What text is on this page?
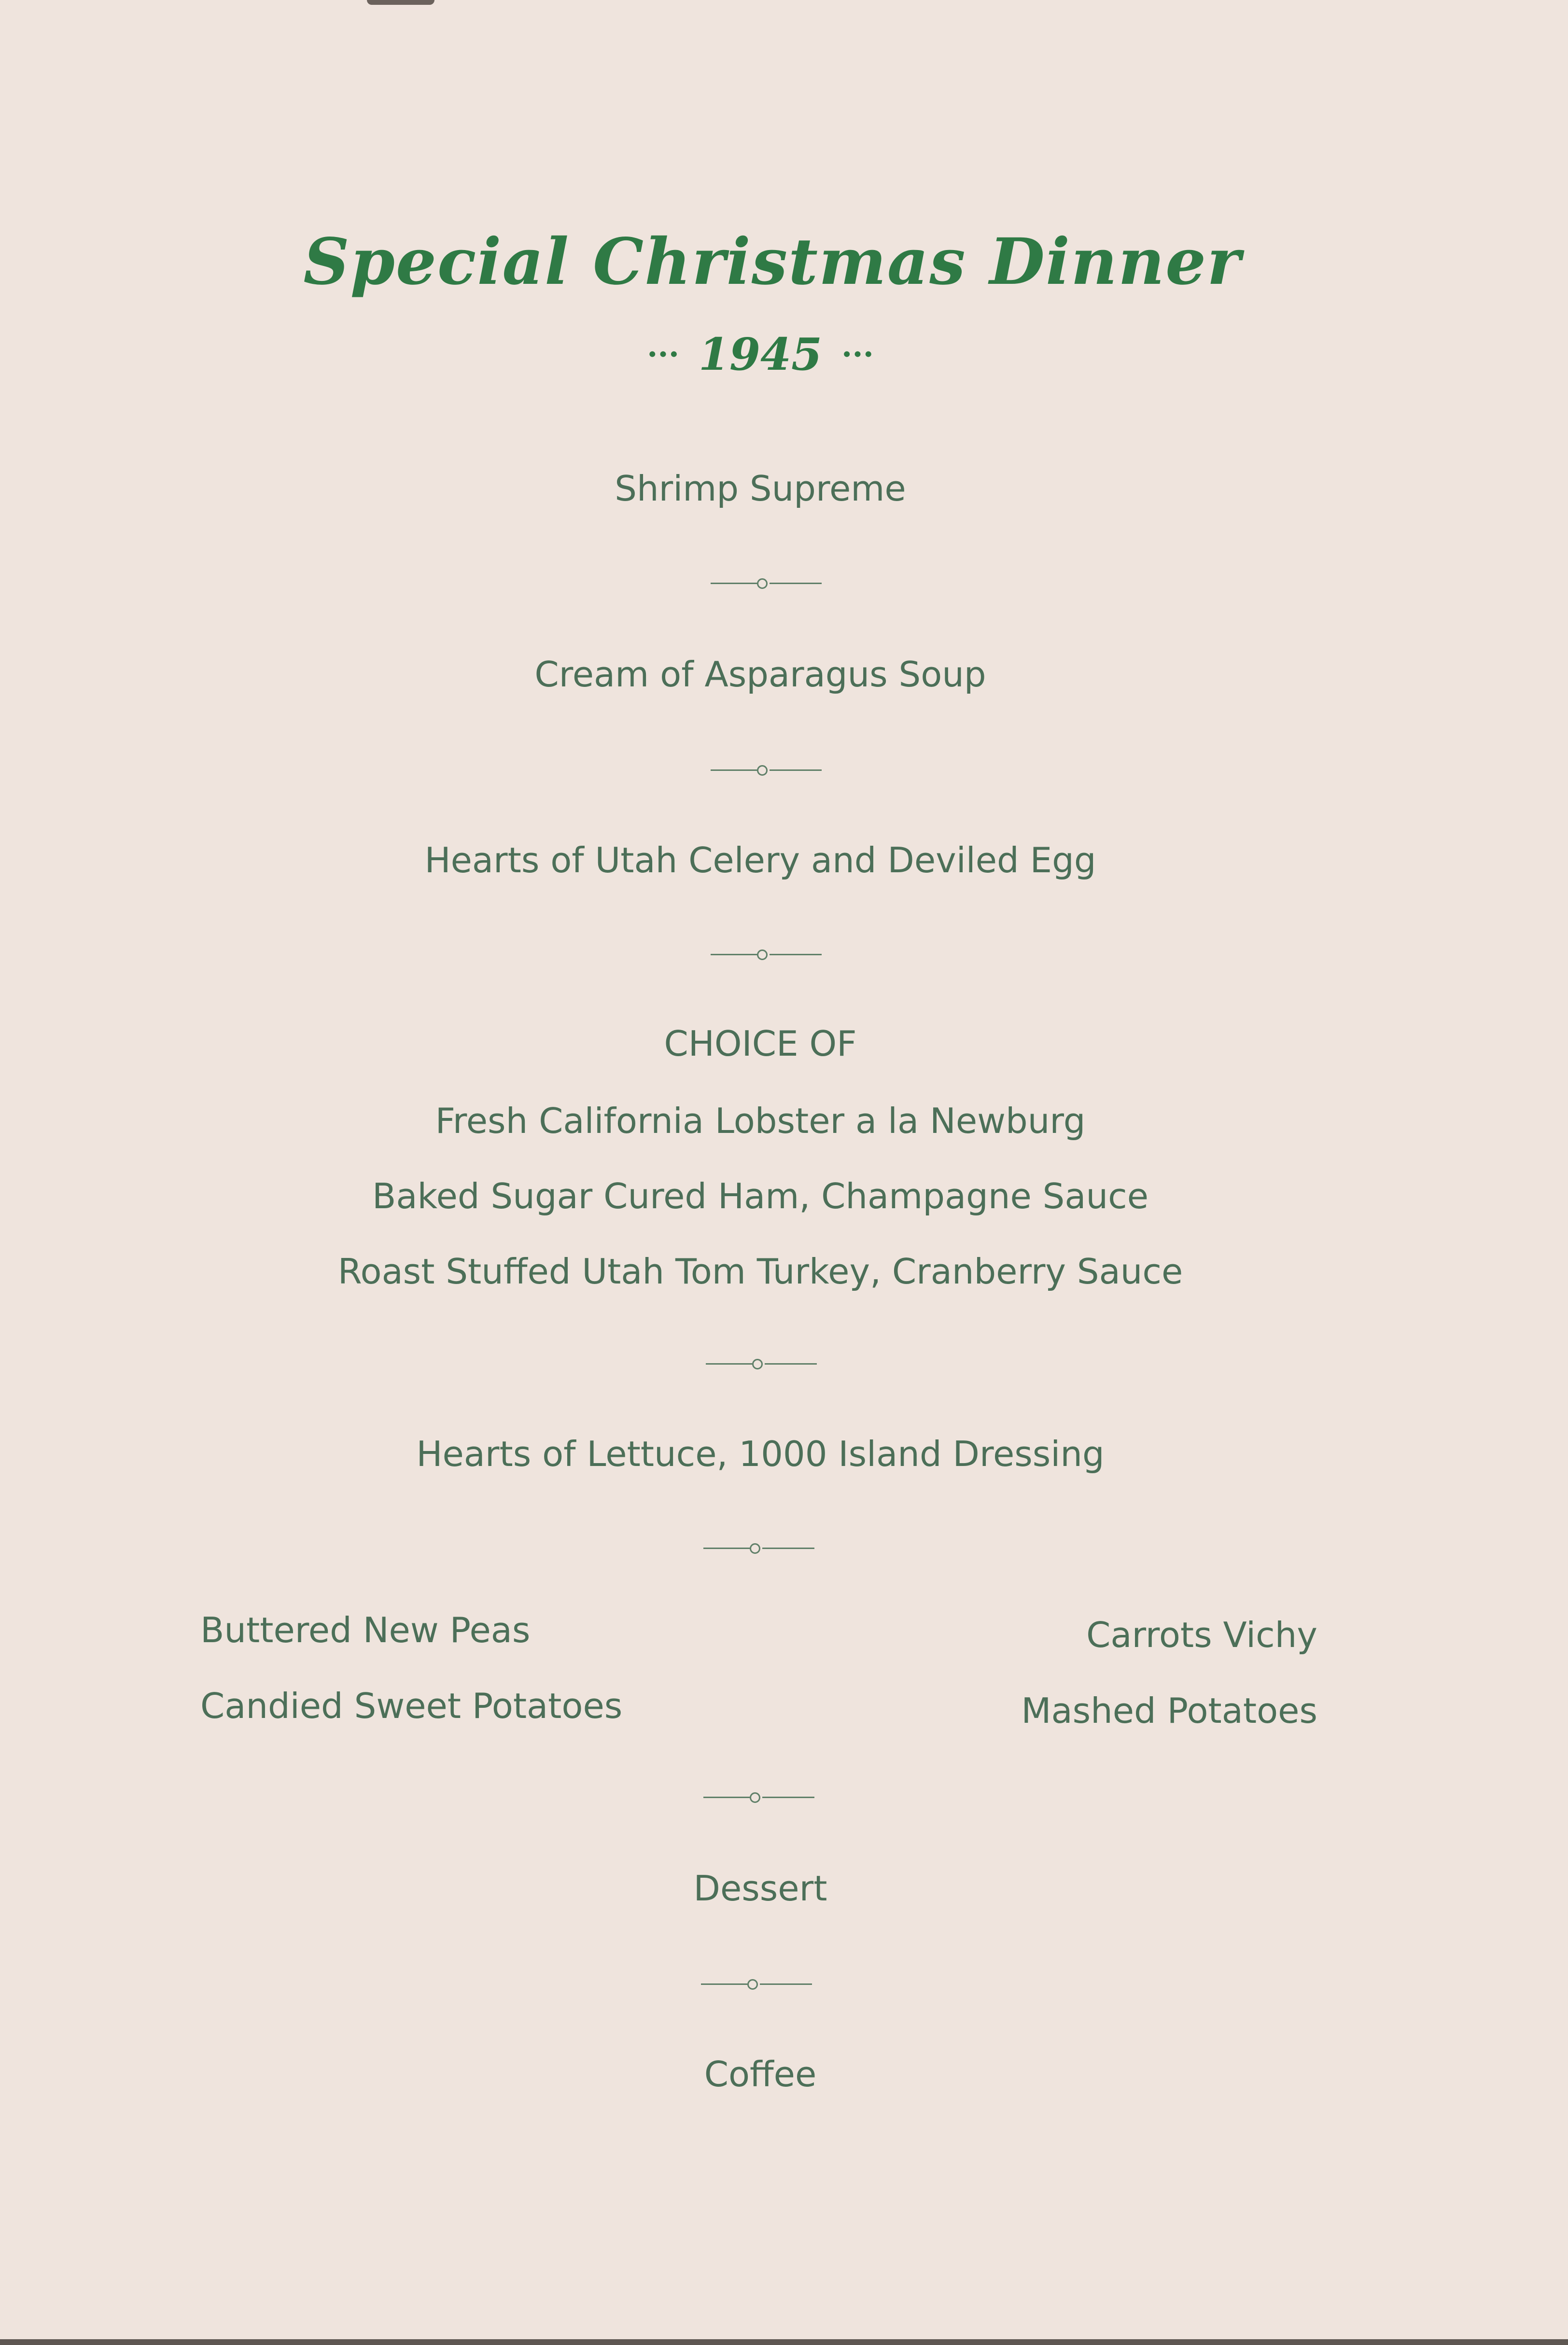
Special Christmas Dinner
··· 1945 ···
Shrimp Supreme
Cream of Asparagus Soup
Hearts of Utah Celery and Deviled Egg
CHOICE OF
Fresh California Lobster a la Newburg
Baked Sugar Cured Ham, Champagne Sauce
Roast Stuffed Utah Tom Turkey, Cranberry Sauce
Hearts of Lettuce, 1000 Island Dressing
Buttered New Peas
Candied Sweet Potatoes
Carrots Vichy
Mashed Potatoes
Dessert
Coffee
